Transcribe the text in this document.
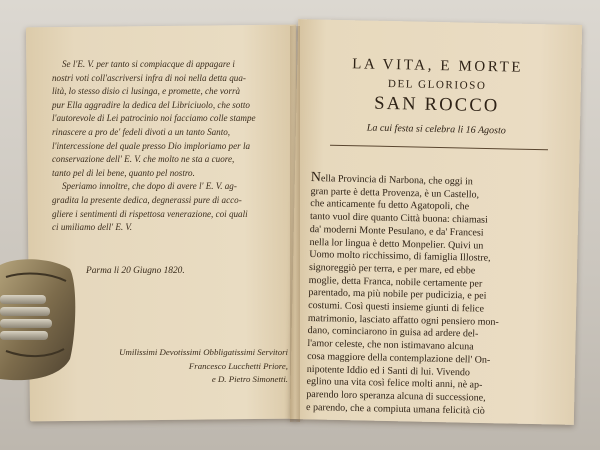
Se l'E. V. per tanto si compiacque di appagare i
nostri voti coll'ascriversi infra di noi nella detta qua-
lità, lo stesso disio ci lusinga, e promette, che vorrà
pur Ella aggradire la dedica del Libriciuolo, che sotto
l'autorevole di Lei patrocinio noi facciamo colle stampe
rinascere a pro de' fedeli divoti a un tanto Santo,
l'intercessione del quale presso Dio imploriamo per la
conservazione dell' E. V. che molto ne sta a cuore,
tanto pel di lei bene, quanto pel nostro.

Speriamo innoltre, che dopo di avere l' E. V. ag-
gradita la presente dedica, degnerassi pure di acco-
gliere i sentimenti di rispettosa venerazione, coi quali
ci umiliamo dell' E. V.

Parma li 20 Giugno 1820.
Umilissimi Devotissimi Obbligatissimi Servitori
Francesco Lucchetti Priore,
e D. Pietro Simonetti.
LA VITA, E MORTE
DEL GLORIOSO
SAN ROCCO
La cui festa si celebra li 16 Agosto
Nella Provincia di Narbona, che oggi in
gran parte è detta Provenza, è un Castello,
che anticamente fu detto Agatopoli, che
tanto vuol dire quanto Città buona: chiamasi
da' moderni Monte Pesulano, e da' Francesi
nella lor lingua è detto Monpelier. Quivi un
Uomo molto ricchissimo, di famiglia Illostre,
signoreggiò per terra, e per mare, ed ebbe
moglie, detta Franca, nobile certamente per
parentado, ma più nobile per pudicizia, e pei
costumi. Così questi insieme giunti di felice
matrimonio, lasciato affatto ogni pensiero mon-
dano, cominciarono in guisa ad ardere del-
l'amor celeste, che non istimavano alcuna
cosa maggiore della contemplazione dell' On-
nipotente Iddio ed i Santi di lui. Vivendo
eglino una vita così felice molti anni, nè ap-
parendo loro speranza alcuna di successione,
e parendo, che a compiuta umana felicità ciò
